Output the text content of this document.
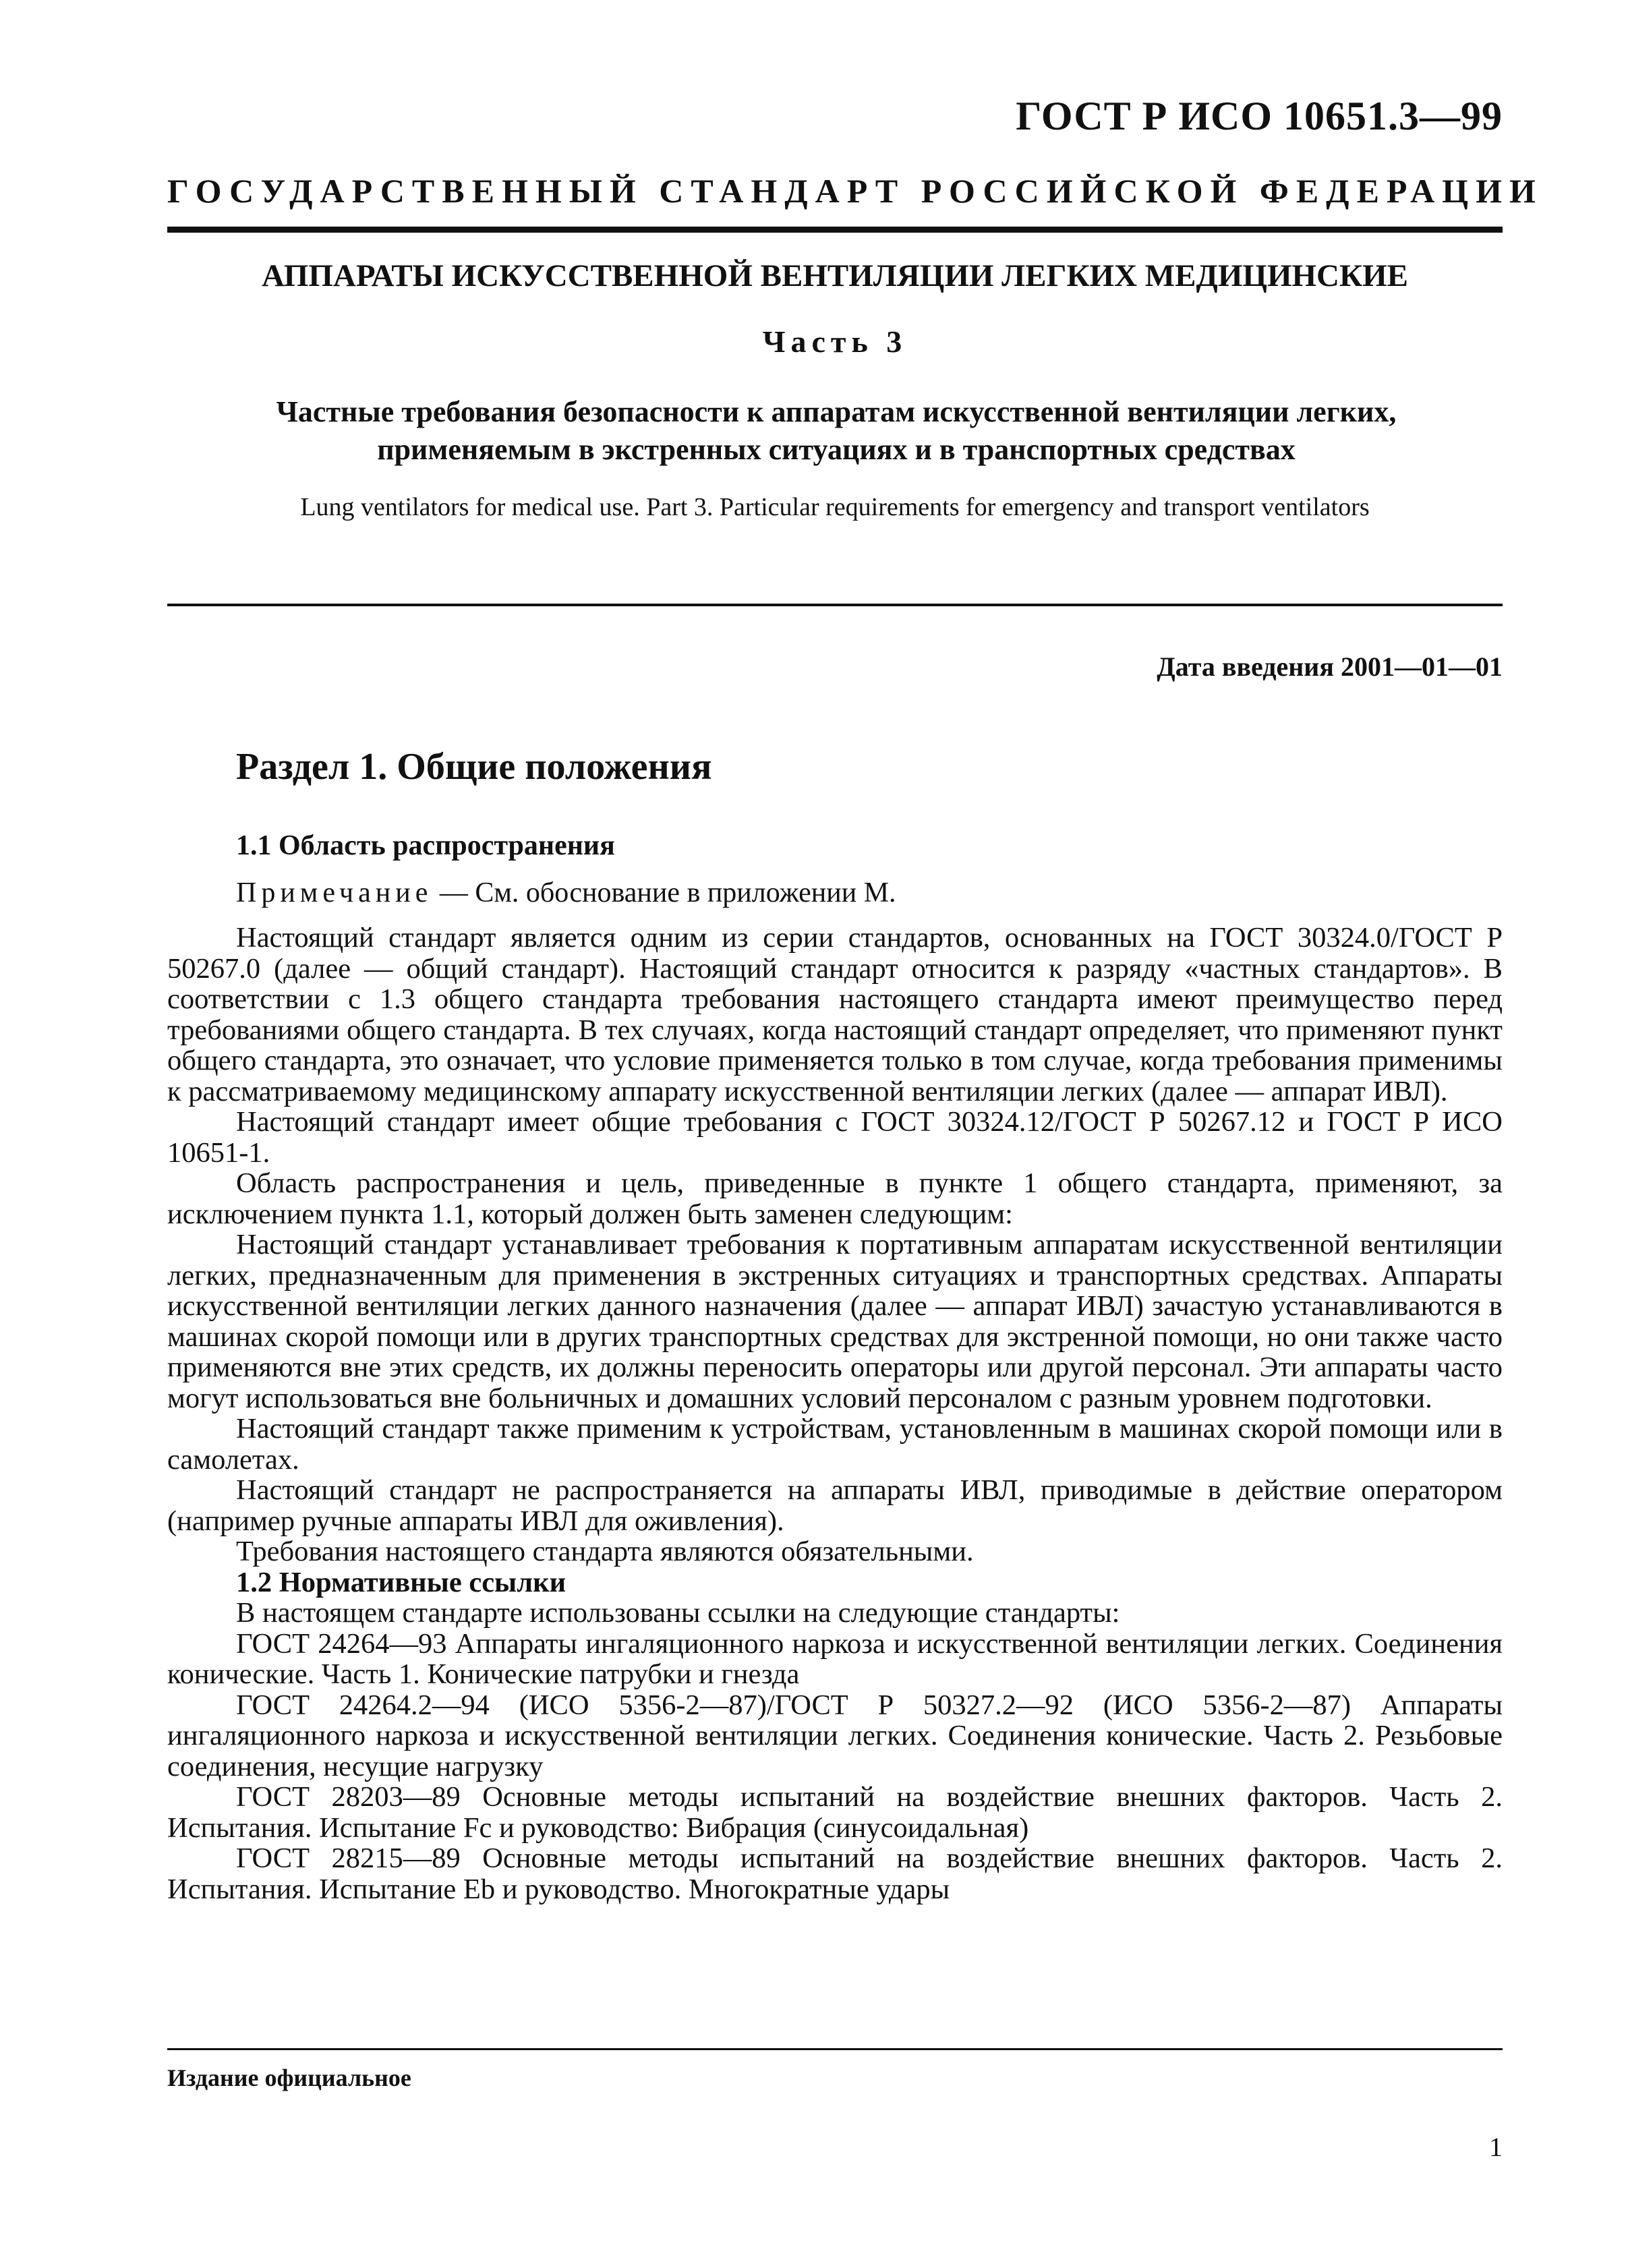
ГОСТ Р ИСО 10651.3—99
ГОСУДАРСТВЕННЫЙ СТАНДАРТ РОССИЙСКОЙ ФЕДЕРАЦИИ
АППАРАТЫ ИСКУССТВЕННОЙ ВЕНТИЛЯЦИИ ЛЕГКИХ МЕДИЦИНСКИЕ
Часть 3
Частные требования безопасности к аппаратам искусственной вентиляции легких,
применяемым в экстренных ситуациях и в транспортных средствах
Lung ventilators for medical use. Part 3. Particular requirements for emergency and transport ventilators
Дата введения 2001—01—01
Раздел 1. Общие положения
1.1 Область распространения
Примечание — См. обоснование в приложении М.

Настоящий стандарт является одним из серии стандартов, основанных на ГОСТ 30324.0/ГОСТ Р 50267.0 (далее — общий стандарт). Настоящий стандарт относится к разряду «частных стандартов». В соответствии с 1.3 общего стандарта требования настоящего стандарта имеют преимущество перед требованиями общего стандарта. В тех случаях, когда настоящий стандарт определяет, что применяют пункт общего стандарта, это означает, что условие применяется только в том случае, когда требования применимы к рассматриваемому медицинскому аппарату искусственной вентиляции легких (далее — аппарат ИВЛ).

Настоящий стандарт имеет общие требования с ГОСТ 30324.12/ГОСТ Р 50267.12 и ГОСТ Р ИСО 10651-1.

Область распространения и цель, приведенные в пункте 1 общего стандарта, применяют, за исключением пункта 1.1, который должен быть заменен следующим:

Настоящий стандарт устанавливает требования к портативным аппаратам искусственной вентиляции легких, предназначенным для применения в экстренных ситуациях и транспортных средствах. Аппараты искусственной вентиляции легких данного назначения (далее — аппарат ИВЛ) зачастую устанавливаются в машинах скорой помощи или в других транспортных средствах для экстренной помощи, но они также часто применяются вне этих средств, их должны переносить операторы или другой персонал. Эти аппараты часто могут использоваться вне больничных и домашних условий персоналом с разным уровнем подготовки.

Настоящий стандарт также применим к устройствам, установленным в машинах скорой помощи или в самолетах.

Настоящий стандарт не распространяется на аппараты ИВЛ, приводимые в действие оператором (например ручные аппараты ИВЛ для оживления).

Требования настоящего стандарта являются обязательными.

1.2 Нормативные ссылки

В настоящем стандарте использованы ссылки на следующие стандарты:

ГОСТ 24264—93 Аппараты ингаляционного наркоза и искусственной вентиляции легких. Соединения конические. Часть 1. Конические патрубки и гнезда

ГОСТ 24264.2—94 (ИСО 5356-2—87)/ГОСТ Р 50327.2—92 (ИСО 5356-2—87) Аппараты ингаляционного наркоза и искусственной вентиляции легких. Соединения конические. Часть 2. Резьбовые соединения, несущие нагрузку

ГОСТ 28203—89 Основные методы испытаний на воздействие внешних факторов. Часть 2. Испытания. Испытание Fc и руководство: Вибрация (синусоидальная)

ГОСТ 28215—89 Основные методы испытаний на воздействие внешних факторов. Часть 2. Испытания. Испытание Eb и руководство. Многократные удары

Издание официальное
1
